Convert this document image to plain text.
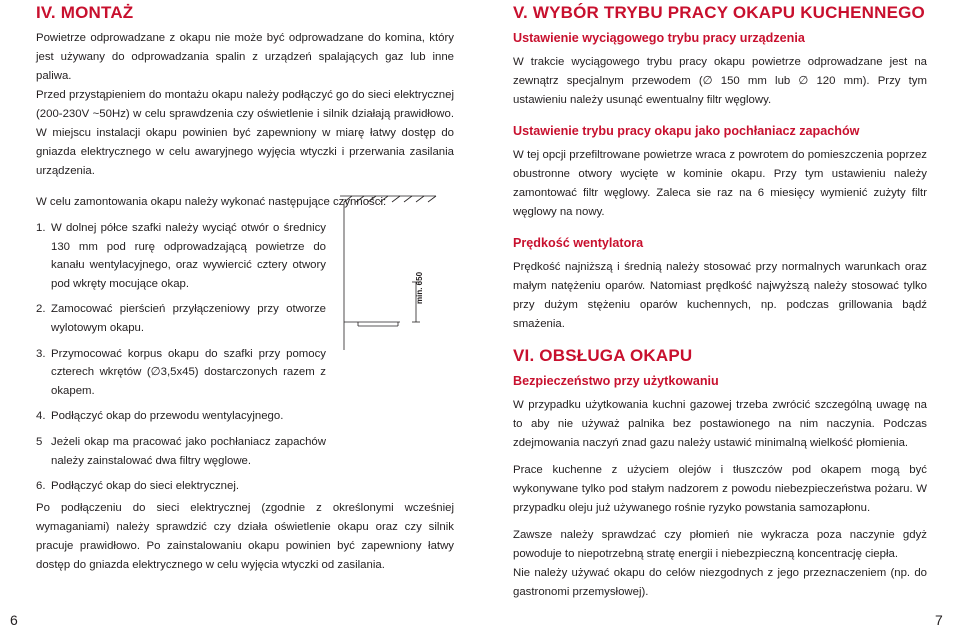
IV. MONTAŻ

Powietrze odprowadzane z okapu nie może być odprowadzane do komina, który jest używany do odprowadzania spalin z urządzeń spalających gaz lub inne paliwa.

Przed przystąpieniem do montażu okapu należy podłączyć go do sieci elektrycznej (200-230V ~50Hz) w celu sprawdzenia czy oświetlenie i silnik działają prawidłowo. W miejscu instalacji okapu powinien być zapewniony w miarę łatwy dostęp do gniazda elektrycznego w celu awaryjnego wyjęcia wtyczki i przerwania zasilania urządzenia.

W celu zamontowania okapu należy wykonać następujące czynności:

1. W dolnej półce szafki należy wyciąć otwór o średnicy 130 mm pod rurę odprowadzającą powietrze do kanału wentylacyjnego, oraz wywiercić cztery otwory pod wkręty mocujące okap.
2. Zamocować pierścień przyłączeniowy przy otworze wylotowym okapu.
3. Przymocować korpus okapu do szafki przy pomocy czterech wkrętów (∅3,5x45) dostarczonych razem z okapem.
4. Podłączyć okap do przewodu wentylacyjnego.
5 Jeżeli okap ma pracować jako pochłaniacz zapachów należy zainstalować dwa filtry węglowe.
6. Podłączyć okap do sieci elektrycznej.

Po podłączeniu do sieci elektrycznej (zgodnie z określonymi wcześniej wymaganiami) należy sprawdzić czy działa oświetlenie okapu oraz czy silnik pracuje prawidłowo. Po zainstalowaniu okapu powinien być zapewniony łatwy dostęp do gniazda elektrycznego w celu wyjęcia wtyczki od zasilania.

min. 650
V. WYBÓR TRYBU PRACY OKAPU KUCHENNEGO
Ustawienie wyciągowego trybu pracy urządzenia

W trakcie wyciągowego trybu pracy okapu powietrze odprowadzane jest na zewnątrz specjalnym przewodem (∅ 150 mm lub ∅ 120 mm). Przy tym ustawieniu należy usunąć ewentualny filtr węglowy.

Ustawienie trybu pracy okapu jako pochłaniacz zapachów

W tej opcji przefiltrowane powietrze wraca z powrotem do pomieszczenia poprzez obustronne otwory wycięte w kominie okapu. Przy tym ustawieniu należy zamontować filtr węglowy. Zaleca sie raz na 6 miesięcy wymienić zużyty filtr węglowy na nowy.

Prędkość wentylatora

Prędkość najniższą i średnią należy stosować przy normalnych warunkach oraz małym natężeniu oparów. Natomiast prędkość najwyższą należy stosować tylko przy dużym stężeniu oparów kuchennych, np. podczas grillowania bądź smażenia.

VI. OBSŁUGA OKAPU
Bezpieczeństwo przy użytkowaniu

W przypadku użytkowania kuchni gazowej trzeba zwrócić szczególną uwagę na to aby nie używaż palnika bez postawionego na nim naczynia. Podczas zdejmowania naczyń znad gazu należy ustawić minimalną wielkość płomienia.

Prace kuchenne z użyciem olejów i tłuszczów pod okapem mogą być wykonywane tylko pod stałym nadzorem z powodu niebezpieczeństwa pożaru. W przypadku oleju już używanego rośnie ryzyko powstania samozapłonu.

Zawsze należy sprawdzać czy płomień nie wykracza poza naczynie gdyż powoduje to niepotrzebną stratę energii i niebezpieczną koncentrację ciepła.

Nie należy używać okapu do celów niezgodnych z jego przeznaczeniem (np. do gastronomi przemysłowej).

6	7
